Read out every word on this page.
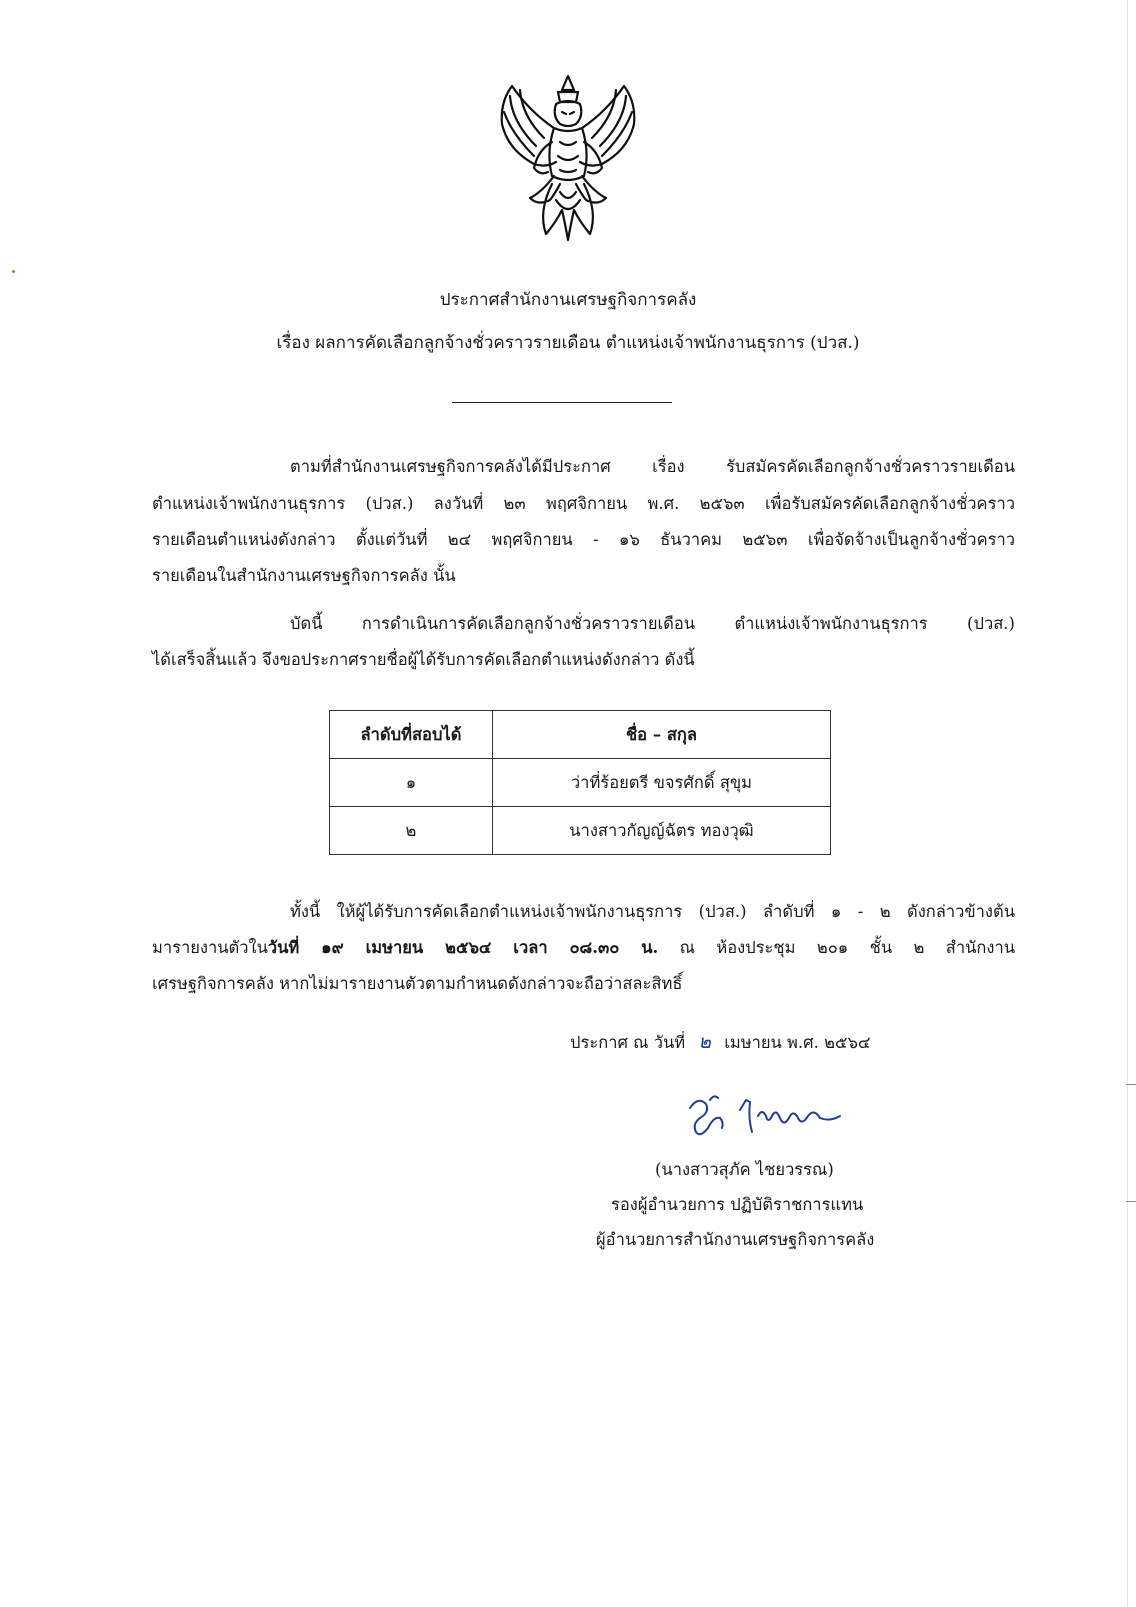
ประกาศสำนักงานเศรษฐกิจการคลัง
เรื่อง ผลการคัดเลือกลูกจ้างชั่วคราวรายเดือน ตำแหน่งเจ้าพนักงานธุรการ (ปวส.)
ตามที่สำนักงานเศรษฐกิจการคลังได้มีประกาศ เรื่อง รับสมัครคัดเลือกลูกจ้างชั่วคราวรายเดือน
ตำแหน่งเจ้าพนักงานธุรการ (ปวส.) ลงวันที่ ๒๓ พฤศจิกายน พ.ศ. ๒๕๖๓ เพื่อรับสมัครคัดเลือกลูกจ้างชั่วคราว
รายเดือนตำแหน่งดังกล่าว ตั้งแต่วันที่ ๒๔ พฤศจิกายน - ๑๖ ธันวาคม ๒๕๖๓ เพื่อจัดจ้างเป็นลูกจ้างชั่วคราว
รายเดือนในสำนักงานเศรษฐกิจการคลัง นั้น
บัดนี้ การดำเนินการคัดเลือกลูกจ้างชั่วคราวรายเดือน ตำแหน่งเจ้าพนักงานธุรการ (ปวส.)
ได้เสร็จสิ้นแล้ว จึงขอประกาศรายชื่อผู้ได้รับการคัดเลือกตำแหน่งดังกล่าว ดังนี้
ลำดับที่สอบได้	ชื่อ – สกุล
๑	ว่าที่ร้อยตรี ขจรศักดิ์ สุขุม
๒	นางสาวกัญญ์ฉัตร ทองวุฒิ
ทั้งนี้ ให้ผู้ได้รับการคัดเลือกตำแหน่งเจ้าพนักงานธุรการ (ปวส.) ลำดับที่ ๑ - ๒ ดังกล่าวข้างต้น
มารายงานตัวในวันที่ ๑๙ เมษายน ๒๕๖๔ เวลา ๐๘.๓๐ น. ณ ห้องประชุม ๒๐๑ ชั้น ๒ สำนักงาน
เศรษฐกิจการคลัง หากไม่มารายงานตัวตามกำหนดดังกล่าวจะถือว่าสละสิทธิ์
ประกาศ ณ วันที่ ๒ เมษายน พ.ศ. ๒๕๖๔
(นางสาวสุภัค ไชยวรรณ)
รองผู้อำนวยการ ปฏิบัติราชการแทน
ผู้อำนวยการสำนักงานเศรษฐกิจการคลัง
